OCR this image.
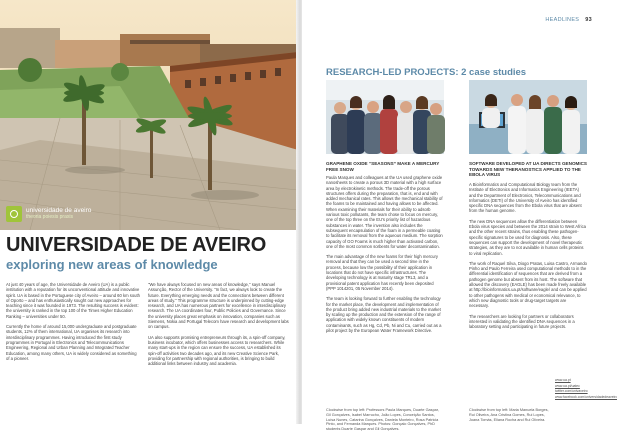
universidade de aveiro
theoria poiesis praxis
UNIVERSIDADE DE AVEIRO
exploring new areas of knowledge

At just 40 years of age, the Universidade de Aveiro (UA) is a public institution with a reputation for its unconventional attitude and innovative spirit. UA is based in the Portuguese city of Aveiro – around 60 km south of Oporto – and has enthusiastically sought out new approaches for teaching since it was founded in 1973. The resulting success is evident: the university is ranked in the top 100 of the Times Higher Education Ranking – universities under 50.

Currently the home of around 15,000 undergraduate and postgraduate students, 12% of them international, UA organises its research into interdisciplinary programmes. Having introduced the first study programmes in Portugal in Electronics and Telecommunications Engineering, Regional and Urban Planning and Integrated Teacher Education, among many others, UA is widely considered as something of a pioneer.

"We have always focused on new areas of knowledge," says Manuel Assunção, Rector of the University. "In fact, we always look to create the future. Everything emerging needs and the connections between different areas of study." This programme structure is underpinned by cutting-edge research, and UA has numerous partners for excellence in interdisciplinary research. The UA coordinates four, Public Policies and Governance. Since the university places great emphasis on innovation, companies such as Siemens, Nokia and Portugal Telecom have research and development labs on campus.

UA also supports promising entrepreneurs through its, a spin-off company, business incubator, which offers businesses access to researchers. While many start-ups in the region can ensure the success, UA established its spin-off activities two decades ago, and its new Creative Science Park, providing for partnership with regional authorities, is bringing to build additional links between industry and academia.

HEADLINES 93
RESEARCH-LED PROJECTS: 2 case studies
GRAPHENE OXIDE “SEASONS” MAKE A MERCURY FREE SNOW

Paula Marques and colleagues at the UA used graphene oxide nanosheets to create a porous 3D material with a high surface area by electrokinetic methods. The trade-off the porous structures offers during the preparation, that is, end and with added mechanical rates. This allows the mechanical stability of the foams to be maintained and having allows to be affected. When examining their materials for their ability to adsorb various toxic pollutants, the team chose to focus on mercury, one of the top three on the EU's priority list of hazardous substances in water. The invention also includes the subsequent encapsulation of the foam in a permeable coating to facilitate its removal from the aqueous medium. The sorption capacity of GO Foams is much higher than activated carbon, one of the most common sorbents for water decontamination.

The main advantage of the new foams for their high mercury removal and that they can be used a second time in the process, because low the possibility of their application in locations that do not have specific infrastructures. The developing technology is at maturity stage TRL3, and a provisional patent application has recently been deposited (PPP 1014201, 05 November 2014).

The team is looking forward to further enabling the technology for the market place, the development and implementation of the product bring added new industrial materials to the market by scaling up the production and the extension of the range of application with widely known constituents of modern contaminants, such as Hg, Cd, Pb, Ni and Cu, carried out as a pilot project by the European Water Framework Directive.

Clockwise from top left: Professors Paula Marques, Duarte Gaspar, Gil Gonçalves, Isabel Marrucho, João Lopes, Conceição Santos, Luísa Nunes, Catarina Gonçalves, Daniela Monteiro, Rosa Patricia Pinto, and Fernanda Marques. Photos: Gonçalo Gonçalves, PhD students Duarte Gaspar and Gil Gonçalves.
SOFTWARE DEVELOPED AT UA DIRECTS GENOMICS TOWARDS NEW THERANOSTICS APPLIED TO THE EBOLA VIRUS

A Bioinformatics and Computational Biology team from the Institute of Electronics and Informatics Engineering (IEETA) and the Department of Electronics, Telecommunications and Informatics (DETI) of the University of Aveiro has identified specific DNA sequences from the Ebola virus that are absent from the human genome.

The new DNA sequences allow the differentiation between Ebola virus species and between the 2014 strain to West Africa and the other recent strains, thus enabling these pathogen-specific signatures to be used for diagnosis. Also, these sequences can support the development of novel therapeutic strategies, as they are to not available in human cells proteins to viral replication.

The work of Raquel Silva, Diogo Pratas, Luisa Castro, Armando Pinho and Paulo Ferreira used computational methods to in the differential identification of sequences that are derived from a pathogen genome but absent from its host. The software that allowed the discovery (EAGLE) has been made freely available at http://bioinformatics.ua.pt/software/eagle/ and can be applied to other pathogens with medical or economical relevance, to which new diagnostic tools or drug-target targets are necessary.

The researchers are looking for partners or collaborators interested in validating the identified DNA sequences in a laboratory setting and participating in future projects.

Clockwise from top left: Maria Manuela Borges, Rui Oliveira, Ana Cristina Gomes, Rui Lopes, Joana Tomás, Eliana Rocha and Rui Oliveira.
www.ua.pt
www.ua.pt/uatec
twitter.com/univaveiro
www.facebook.com/universidadedeaveiro
